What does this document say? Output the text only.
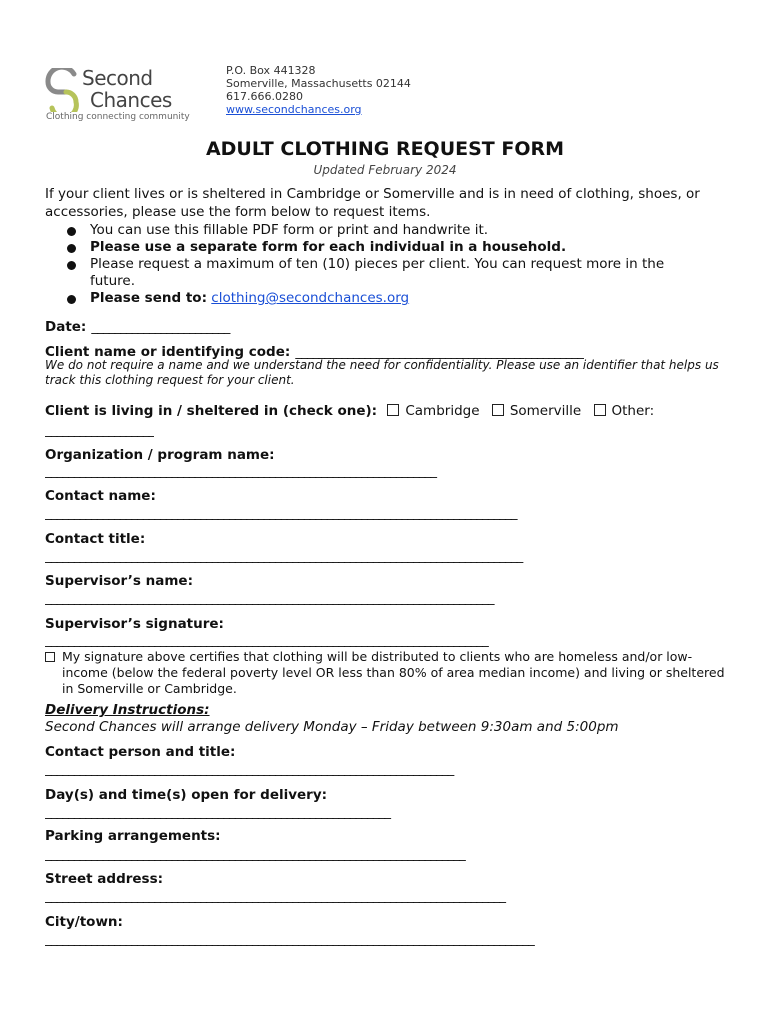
Second
Chances
Clothing connecting community
P.O. Box 441328
Somerville, Massachusetts 02144
617.666.0280
www.secondchances.org
ADULT CLOTHING REQUEST FORM
Updated February 2024
If your client lives or is sheltered in Cambridge or Somerville and is in need of clothing, shoes, or accessories, please use the form below to request items.
You can use this fillable PDF form or print and handwrite it.
Please use a separate form for each individual in a household.
Please request a maximum of ten (10) pieces per client. You can request more in the future.
Please send to: clothing@secondchances.org
Date: ________________________
Client name or identifying code: __________________________________________________
We do not require a name and we understand the need for confidentiality. Please use an identifier that helps us track this clothing request for your client.
Client is living in / sheltered in (check one): Cambridge Somerville Other:
___________________
Organization / program name:
____________________________________________________________________
Contact name:
__________________________________________________________________________________
Contact title:
___________________________________________________________________________________
Supervisor’s name:
______________________________________________________________________________
Supervisor’s signature:
_____________________________________________________________________________
My signature above certifies that clothing will be distributed to clients who are homeless and/or low-income (below the federal poverty level OR less than 80% of area median income) and living or sheltered in Somerville or Cambridge.
Delivery Instructions:
Second Chances will arrange delivery Monday – Friday between 9:30am and 5:00pm
Contact person and title:
_______________________________________________________________________
Day(s) and time(s) open for delivery:
____________________________________________________________
Parking arrangements:
_________________________________________________________________________
Street address:
________________________________________________________________________________
City/town:
_____________________________________________________________________________________
